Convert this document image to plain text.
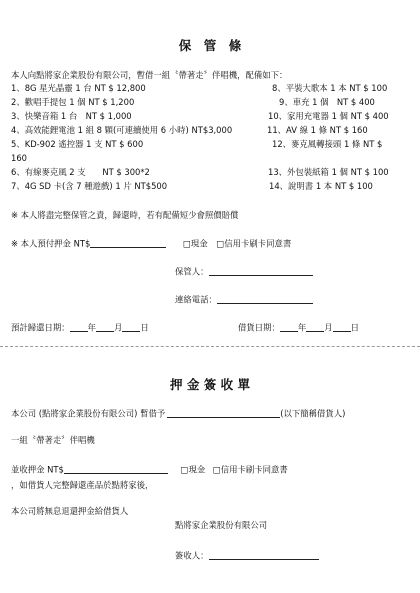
保　管　條
本人向點將家企業股份有限公司，暫借一組〝帶著走〞伴唱機，配備如下：
1、8G 星光晶靈 1 台 NT $ 12,800	8、平裝大歌本 1 本 NT $ 100
2、歡唱手提包 1 個 NT $ 1,200	9、車充 1 個　NT $ 400
3、快樂音箱 1 台　NT $ 1,000	10、家用充電器 1 個 NT $ 400
4、高效能鋰電池 1 組 8 顆(可連續使用 6 小時) NT$3,000	11、AV 線 1 條 NT $ 160
5、KD-902 遙控器 1 支 NT $ 600	12、麥克風轉接頭 1 條 NT $
160
6、有線麥克風 2 支　　NT $ 300*2	13、外包裝紙箱 1 個 NT $ 100
7、4G SD 卡(含 7 種遊戲) 1 片 NT$500	14、說明書 1 本 NT $ 100
※ 本人將盡完整保管之責，歸還時，若有配備短少會照價賠償
※ 本人預付押金 NT$	□現金 □信用卡刷卡同意書
保管人：
連絡電話：
預計歸還日期： 年 月 日	借貨日期： 年 月 日
押 金 簽 收 單
本公司 (點將家企業股份有限公司) 暫借予	(以下簡稱借貨人)
一組〝帶著走〞伴唱機
並收押金 NT$	□現金 □信用卡刷卡同意書
，如借貨人完整歸還產品於點將家後，
本公司將無息退還押金給借貨人
點將家企業股份有限公司
簽收人：
